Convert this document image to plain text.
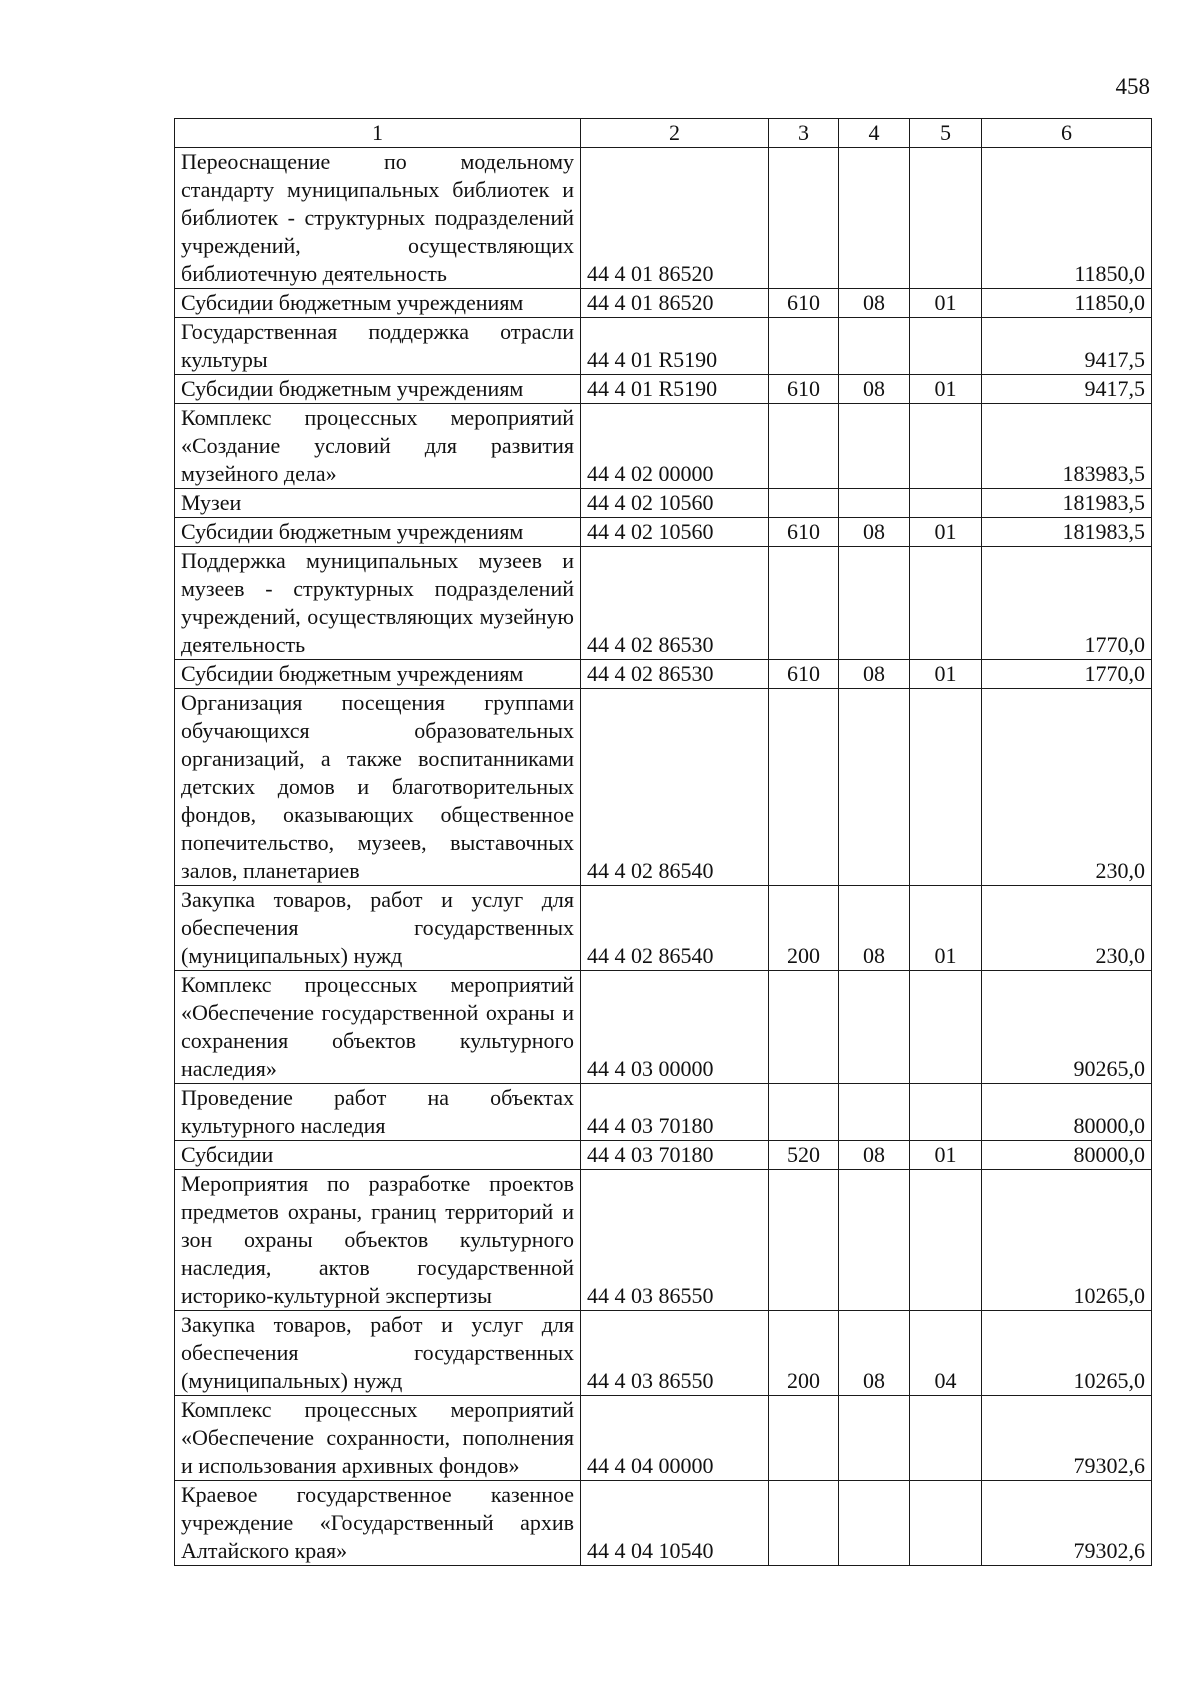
458
1	2	3	4	5	6
Переоснащение по модельному стандарту муниципальных библиотек и библиотек - структурных подразделений учреждений, осуществляющих библиотечную деятельность	44 4 01 86520				11850,0
Субсидии бюджетным учреждениям	44 4 01 86520	610	08	01	11850,0
Государственная поддержка отрасли культуры	44 4 01 R5190				9417,5
Субсидии бюджетным учреждениям	44 4 01 R5190	610	08	01	9417,5
Комплекс процессных мероприятий «Создание условий для развития музейного дела»	44 4 02 00000				183983,5
Музеи	44 4 02 10560				181983,5
Субсидии бюджетным учреждениям	44 4 02 10560	610	08	01	181983,5
Поддержка муниципальных музеев и музеев - структурных подразделений учреждений, осуществляющих музейную деятельность	44 4 02 86530				1770,0
Субсидии бюджетным учреждениям	44 4 02 86530	610	08	01	1770,0
Организация посещения группами обучающихся образовательных организаций, а также воспитанниками детских домов и благотворительных фондов, оказывающих общественное попечительство, музеев, выставочных залов, планетариев	44 4 02 86540				230,0
Закупка товаров, работ и услуг для обеспечения государственных (муниципальных) нужд	44 4 02 86540	200	08	01	230,0
Комплекс процессных мероприятий «Обеспечение государственной охраны и сохранения объектов культурного наследия»	44 4 03 00000				90265,0
Проведение работ на объектах культурного наследия	44 4 03 70180				80000,0
Субсидии	44 4 03 70180	520	08	01	80000,0
Мероприятия по разработке проектов предметов охраны, границ территорий и зон охраны объектов культурного наследия, актов государственной историко-культурной экспертизы	44 4 03 86550				10265,0
Закупка товаров, работ и услуг для обеспечения государственных (муниципальных) нужд	44 4 03 86550	200	08	04	10265,0
Комплекс процессных мероприятий «Обеспечение сохранности, пополнения и использования архивных фондов»	44 4 04 00000				79302,6
Краевое государственное казенное учреждение «Государственный архив Алтайского края»	44 4 04 10540				79302,6
